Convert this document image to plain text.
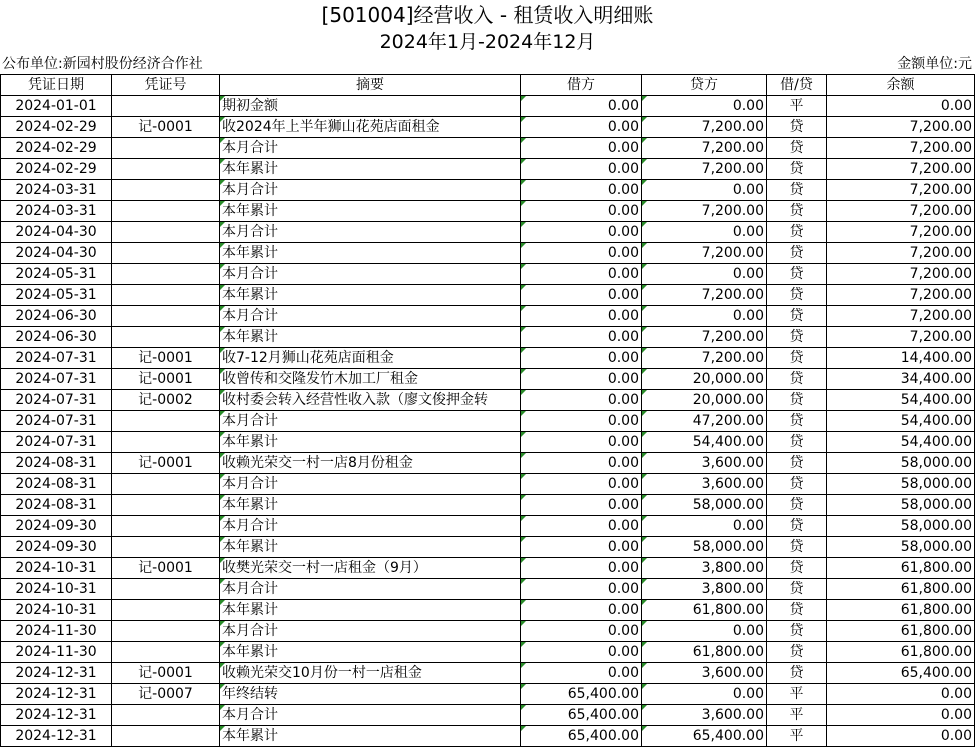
[501004]经营收入 - 租赁收入明细账
2024年1月-2024年12月
公布单位:新园村股份经济合作社	金额单位:元
凭证日期	凭证号	摘要	借方	贷方	借/贷	余额
2024-01-01		期初金额	0.00	0.00	平	0.00
2024-02-29	记-0001	收2024年上半年狮山花苑店面租金	0.00	7,200.00	贷	7,200.00
2024-02-29		本月合计	0.00	7,200.00	贷	7,200.00
2024-02-29		本年累计	0.00	7,200.00	贷	7,200.00
2024-03-31		本月合计	0.00	0.00	贷	7,200.00
2024-03-31		本年累计	0.00	7,200.00	贷	7,200.00
2024-04-30		本月合计	0.00	0.00	贷	7,200.00
2024-04-30		本年累计	0.00	7,200.00	贷	7,200.00
2024-05-31		本月合计	0.00	0.00	贷	7,200.00
2024-05-31		本年累计	0.00	7,200.00	贷	7,200.00
2024-06-30		本月合计	0.00	0.00	贷	7,200.00
2024-06-30		本年累计	0.00	7,200.00	贷	7,200.00
2024-07-31	记-0001	收7-12月狮山花苑店面租金	0.00	7,200.00	贷	14,400.00
2024-07-31	记-0001	收曾传和交隆发竹木加工厂租金	0.00	20,000.00	贷	34,400.00
2024-07-31	记-0002	收村委会转入经营性收入款（廖文俊押金转	0.00	20,000.00	贷	54,400.00
2024-07-31		本月合计	0.00	47,200.00	贷	54,400.00
2024-07-31		本年累计	0.00	54,400.00	贷	54,400.00
2024-08-31	记-0001	收赖光荣交一村一店8月份租金	0.00	3,600.00	贷	58,000.00
2024-08-31		本月合计	0.00	3,600.00	贷	58,000.00
2024-08-31		本年累计	0.00	58,000.00	贷	58,000.00
2024-09-30		本月合计	0.00	0.00	贷	58,000.00
2024-09-30		本年累计	0.00	58,000.00	贷	58,000.00
2024-10-31	记-0001	收樊光荣交一村一店租金（9月）	0.00	3,800.00	贷	61,800.00
2024-10-31		本月合计	0.00	3,800.00	贷	61,800.00
2024-10-31		本年累计	0.00	61,800.00	贷	61,800.00
2024-11-30		本月合计	0.00	0.00	贷	61,800.00
2024-11-30		本年累计	0.00	61,800.00	贷	61,800.00
2024-12-31	记-0001	收赖光荣交10月份一村一店租金	0.00	3,600.00	贷	65,400.00
2024-12-31	记-0007	年终结转	65,400.00	0.00	平	0.00
2024-12-31		本月合计	65,400.00	3,600.00	平	0.00
2024-12-31		本年累计	65,400.00	65,400.00	平	0.00
